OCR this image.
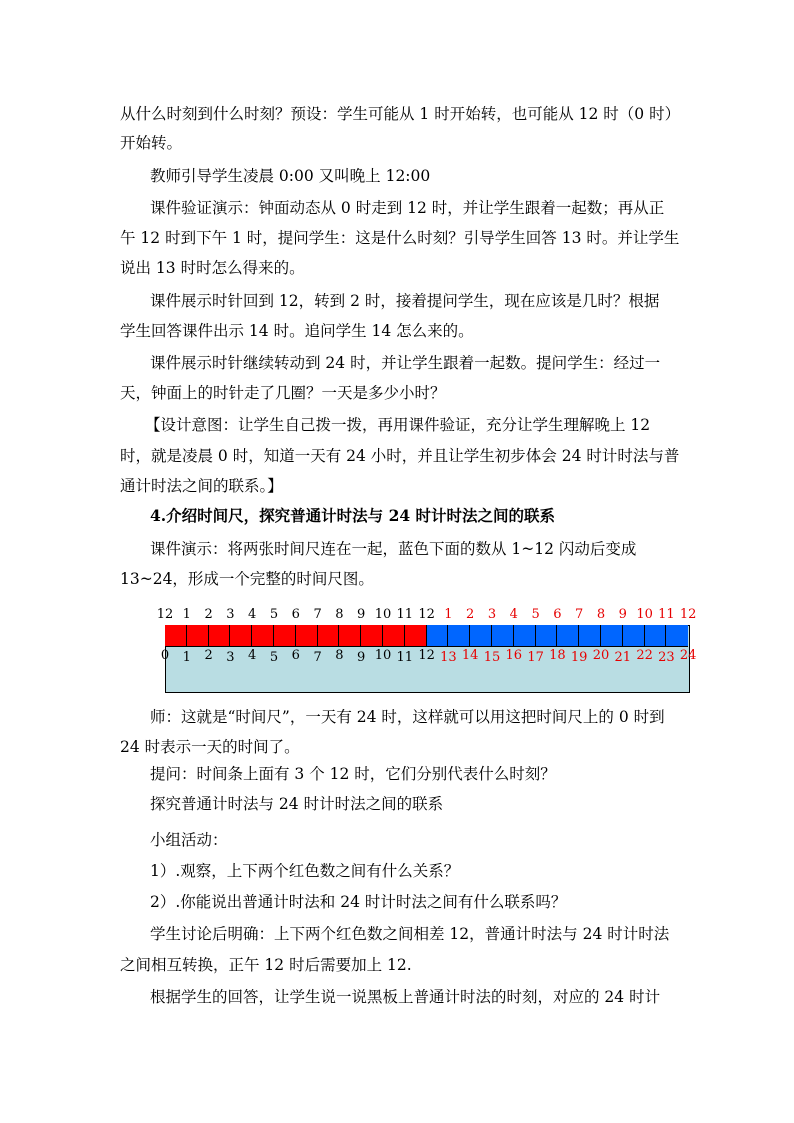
从什么时刻到什么时刻？预设：学生可能从 1 时开始转，也可能从 12 时（0 时）
开始转。
教师引导学生凌晨 0:00 又叫晚上 12:00
课件验证演示：钟面动态从 0 时走到 12 时，并让学生跟着一起数；再从正
午 12 时到下午 1 时，提问学生：这是什么时刻？引导学生回答 13 时。并让学生
说出 13 时时怎么得来的。
课件展示时针回到 12，转到 2 时，接着提问学生，现在应该是几时？根据
学生回答课件出示 14 时。追问学生 14 怎么来的。
课件展示时针继续转动到 24 时，并让学生跟着一起数。提问学生：经过一
天，钟面上的时针走了几圈？一天是多少小时？
【设计意图：让学生自己拨一拨，再用课件验证，充分让学生理解晚上 12
时，就是凌晨 0 时，知道一天有 24 小时，并且让学生初步体会 24 时计时法与普
通计时法之间的联系。】
4.介绍时间尺，探究普通计时法与 24 时计时法之间的联系
课件演示：将两张时间尺连在一起，蓝色下面的数从 1~12 闪动后变成
13~24，形成一个完整的时间尺图。
12 1	2	3	4	5	6	7	8	9 10 11 12 1	2	3	4	5	6	7	8	9 10 11 12
0	1	2	3	4	5	6	7	8	9 10 11 12 13 14 15 16 17 18 19 20 21 22 23 24
师：这就是“时间尺”，一天有 24 时，这样就可以用这把时间尺上的 0 时到
24 时表示一天的时间了。
提问：时间条上面有 3 个 12 时，它们分别代表什么时刻？
探究普通计时法与 24 时计时法之间的联系
小组活动：
1）.观察，上下两个红色数之间有什么关系？
2）.你能说出普通计时法和 24 时计时法之间有什么联系吗？
学生讨论后明确：上下两个红色数之间相差 12，普通计时法与 24 时计时法
之间相互转换，正午 12 时后需要加上 12.
根据学生的回答，让学生说一说黑板上普通计时法的时刻，对应的 24 时计
